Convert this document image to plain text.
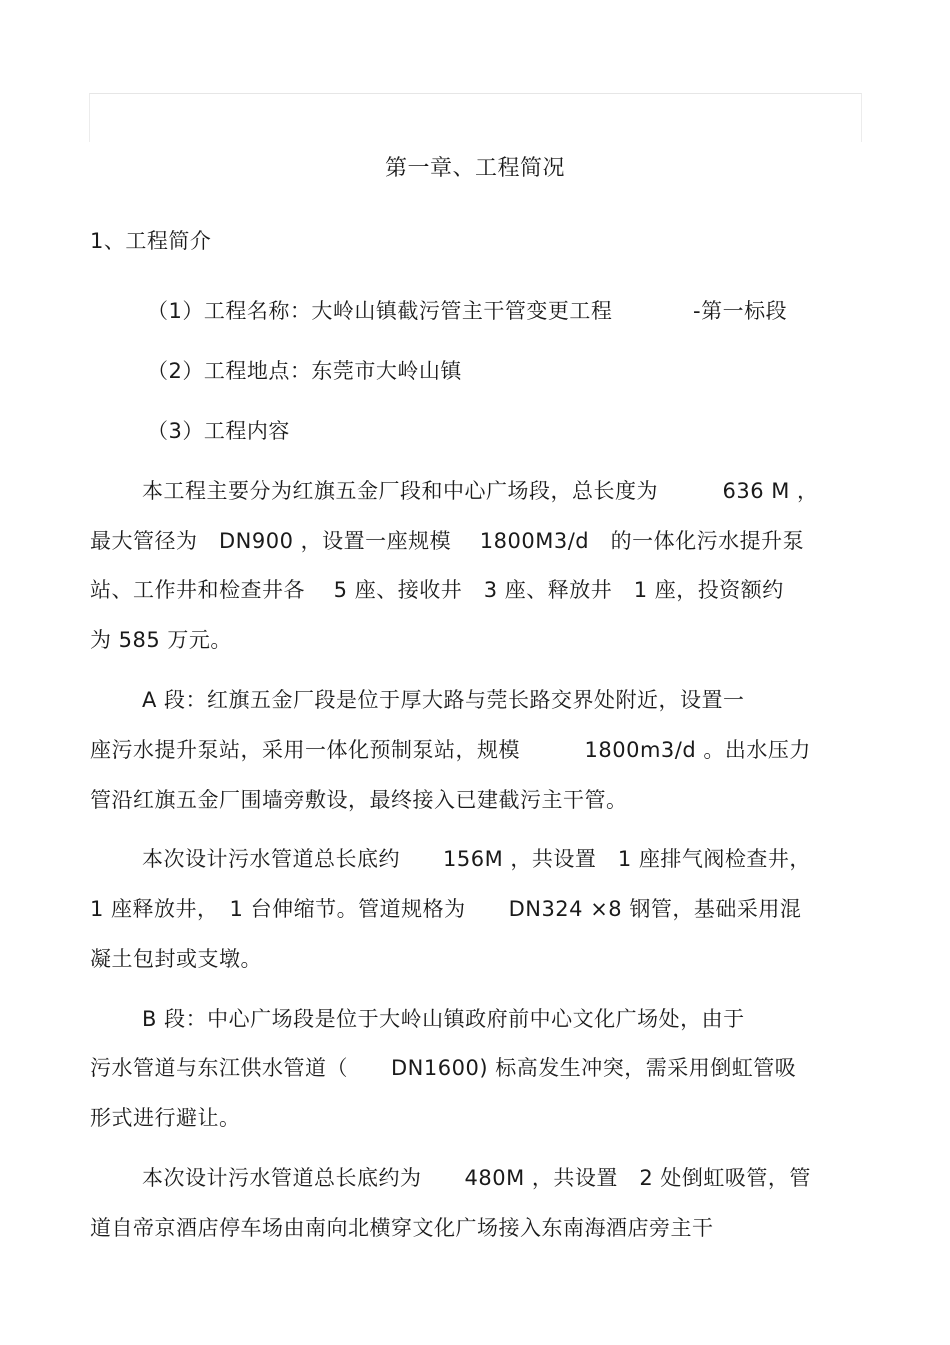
第一章、工程简况
1、工程简介
（1）工程名称：大岭山镇截污管主干管变更工程	-第一标段
（2）工程地点：东莞市大岭山镇
（3）工程内容
本工程主要分为红旗五金厂段和中心广场段，总长度为　　　636 M ，
最大管径为　DN900 ，设置一座规模　 1800M3/d　的一体化污水提升泵
站、工作井和检查井各　 5 座、接收井　3 座、释放井　1 座，投资额约
为 585 万元。
A 段：红旗五金厂段是位于厚大路与莞长路交界处附近，设置一
座污水提升泵站，采用一体化预制泵站，规模　　　1800m3/d 。出水压力
管沿红旗五金厂围墙旁敷设，最终接入已建截污主干管。
本次设计污水管道总长底约　　156M ，共设置　1 座排气阀检查井，
1 座释放井，　1 台伸缩节。管道规格为　　DN324 ×8 钢管，基础采用混
凝土包封或支墩。
B 段：中心广场段是位于大岭山镇政府前中心文化广场处，由于
污水管道与东江供水管道（　　DN1600) 标高发生冲突，需采用倒虹管吸
形式进行避让。
本次设计污水管道总长底约为　　480M ，共设置　2 处倒虹吸管，管
道自帝京酒店停车场由南向北横穿文化广场接入东南海酒店旁主干
